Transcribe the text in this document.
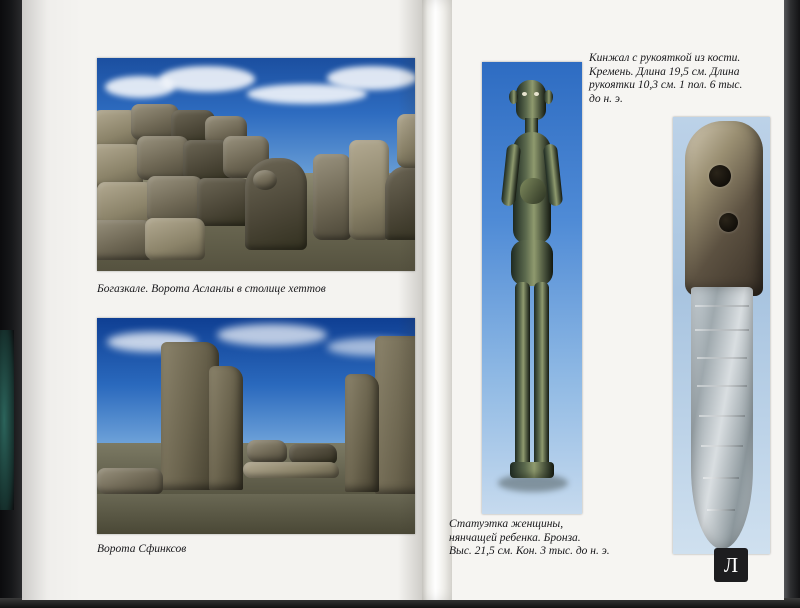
Богазкале. Ворота Асланлы в столице хеттов
Ворота Сфинксов
Кинжал с рукояткой из кости.
Кремень. Длина 19,5 см. Длина
рукоятки 10,3 см. 1 пол. 6 тыс.
до н. э.
Статуэтка женщины,
нянчащей ребенка. Бронза.
Выс. 21,5 см. Кон. 3 тыс. до н. э.
Л
